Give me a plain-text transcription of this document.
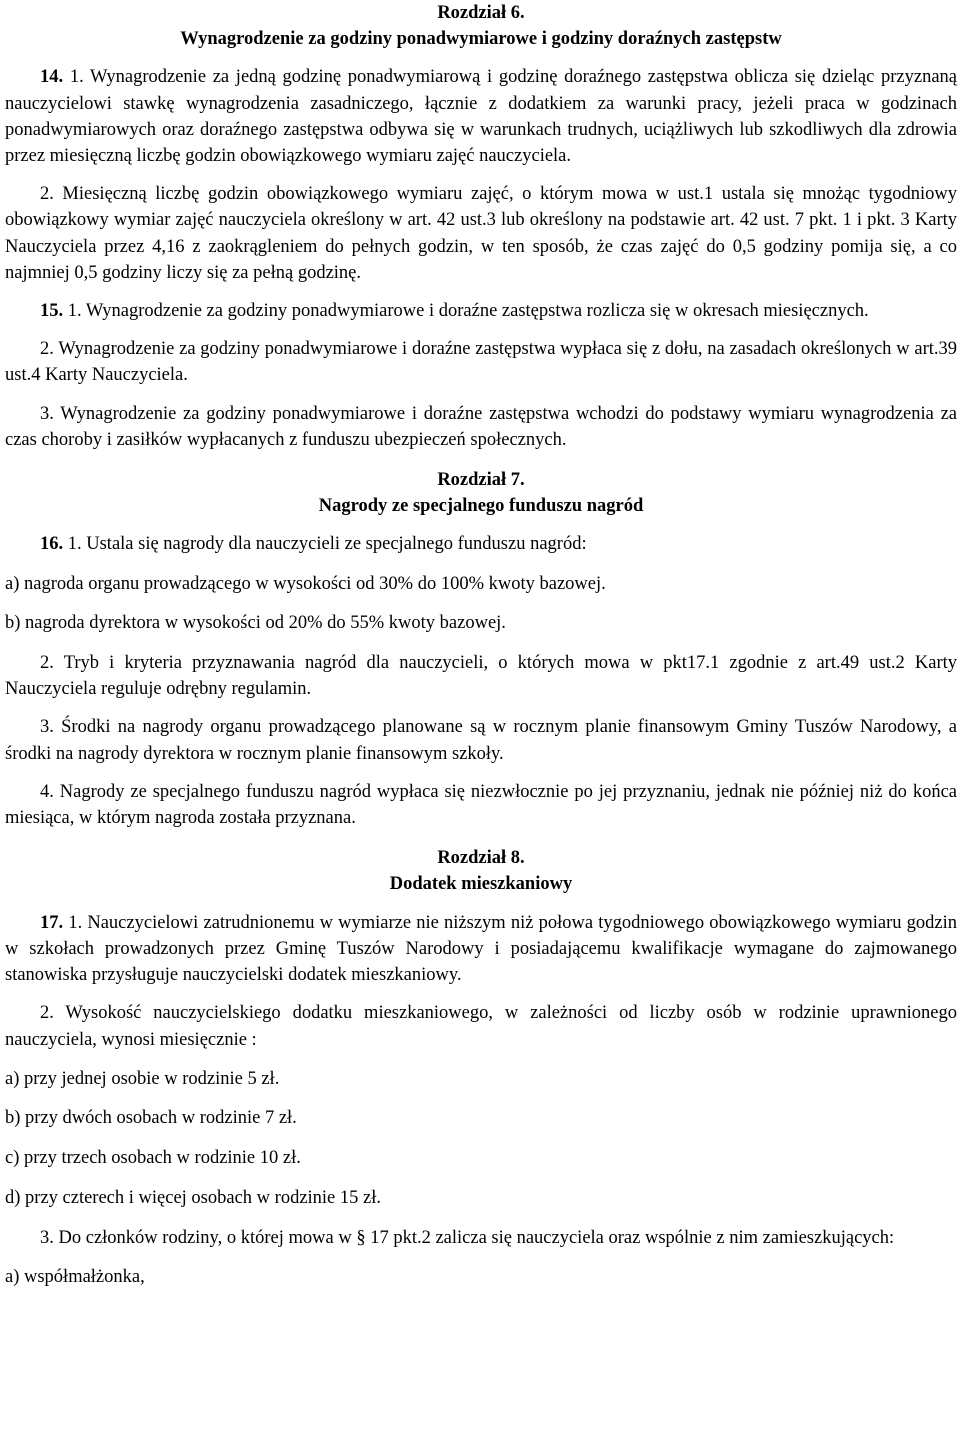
Rozdział 6.
Wynagrodzenie za godziny ponadwymiarowe i godziny doraźnych zastępstw

14. 1. Wynagrodzenie za jedną godzinę ponadwymiarową i godzinę doraźnego zastępstwa oblicza się dzieląc przyznaną nauczycielowi stawkę wynagrodzenia zasadniczego, łącznie z dodatkiem za warunki pracy, jeżeli praca w godzinach ponadwymiarowych oraz doraźnego zastępstwa odbywa się w warunkach trudnych, uciążliwych lub szkodliwych dla zdrowia przez miesięczną liczbę godzin obowiązkowego wymiaru zajęć nauczyciela.

2. Miesięczną liczbę godzin obowiązkowego wymiaru zajęć, o którym mowa w ust.1 ustala się mnożąc tygodniowy obowiązkowy wymiar zajęć nauczyciela określony w art. 42 ust.3 lub określony na podstawie art. 42 ust. 7 pkt. 1 i pkt. 3 Karty Nauczyciela przez 4,16 z zaokrągleniem do pełnych godzin, w ten sposób, że czas zajęć do 0,5 godziny pomija się, a co najmniej 0,5 godziny liczy się za pełną godzinę.

15. 1. Wynagrodzenie za godziny ponadwymiarowe i doraźne zastępstwa rozlicza się w okresach miesięcznych.

2. Wynagrodzenie za godziny ponadwymiarowe i doraźne zastępstwa wypłaca się z dołu, na zasadach określonych w art.39 ust.4 Karty Nauczyciela.

3. Wynagrodzenie za godziny ponadwymiarowe i doraźne zastępstwa wchodzi do podstawy wymiaru wynagrodzenia za czas choroby i zasiłków wypłacanych z funduszu ubezpieczeń społecznych.

Rozdział 7.
Nagrody ze specjalnego funduszu nagród

16. 1. Ustala się nagrody dla nauczycieli ze specjalnego funduszu nagród:

a) nagroda organu prowadzącego w wysokości od 30% do 100% kwoty bazowej.

b) nagroda dyrektora w wysokości od 20% do 55% kwoty bazowej.

2. Tryb i kryteria przyznawania nagród dla nauczycieli, o których mowa w pkt17.1 zgodnie z art.49 ust.2 Karty Nauczyciela reguluje odrębny regulamin.

3. Środki na nagrody organu prowadzącego planowane są w rocznym planie finansowym Gminy Tuszów Narodowy, a środki na nagrody dyrektora w rocznym planie finansowym szkoły.

4. Nagrody ze specjalnego funduszu nagród wypłaca się niezwłocznie po jej przyznaniu, jednak nie później niż do końca miesiąca, w którym nagroda została przyznana.

Rozdział 8.
Dodatek mieszkaniowy

17. 1. Nauczycielowi zatrudnionemu w wymiarze nie niższym niż połowa tygodniowego obowiązkowego wymiaru godzin w szkołach prowadzonych przez Gminę Tuszów Narodowy i posiadającemu kwalifikacje wymagane do zajmowanego stanowiska przysługuje nauczycielski dodatek mieszkaniowy.

2. Wysokość nauczycielskiego dodatku mieszkaniowego, w zależności od liczby osób w rodzinie uprawnionego nauczyciela, wynosi miesięcznie :

a) przy jednej osobie w rodzinie 5 zł.

b) przy dwóch osobach w rodzinie 7 zł.

c) przy trzech osobach w rodzinie 10 zł.

d) przy czterech i więcej osobach w rodzinie 15 zł.

3. Do członków rodziny, o której mowa w § 17 pkt.2 zalicza się nauczyciela oraz wspólnie z nim zamieszkujących:

a) współmałżonka,
